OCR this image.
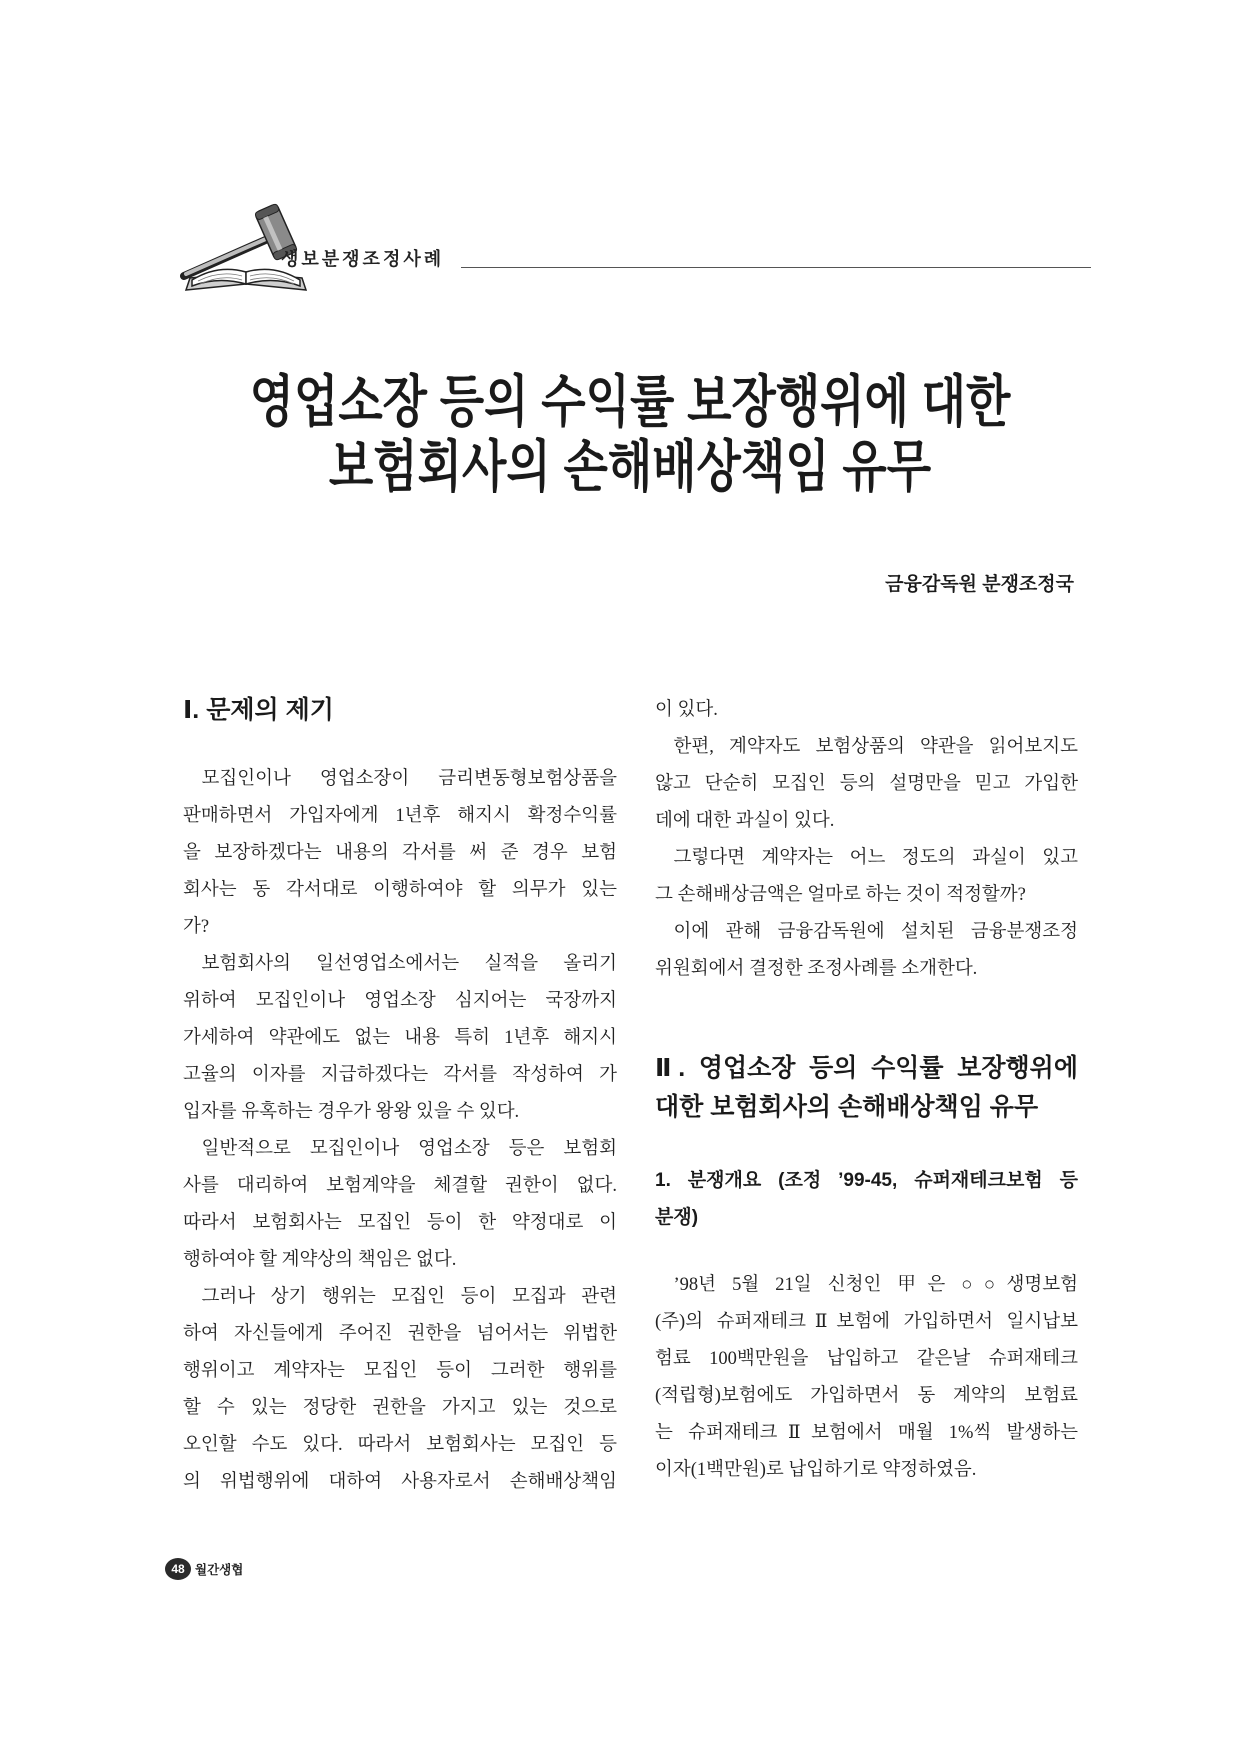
생보분쟁조정사례
영업소장 등의 수익률 보장행위에 대한
보험회사의 손해배상책임 유무
금융감독원 분쟁조정국
Ⅰ. 문제의 제기
모집인이나 영업소장이 금리변동형보험상품을
판매하면서 가입자에게 1년후 해지시 확정수익률
을 보장하겠다는 내용의 각서를 써 준 경우 보험
회사는 동 각서대로 이행하여야 할 의무가 있는
가?
보험회사의 일선영업소에서는 실적을 올리기
위하여 모집인이나 영업소장 심지어는 국장까지
가세하여 약관에도 없는 내용 특히 1년후 해지시
고율의 이자를 지급하겠다는 각서를 작성하여 가
입자를 유혹하는 경우가 왕왕 있을 수 있다.
일반적으로 모집인이나 영업소장 등은 보험회
사를 대리하여 보험계약을 체결할 권한이 없다.
따라서 보험회사는 모집인 등이 한 약정대로 이
행하여야 할 계약상의 책임은 없다.
그러나 상기 행위는 모집인 등이 모집과 관련
하여 자신들에게 주어진 권한을 넘어서는 위법한
행위이고 계약자는 모집인 등이 그러한 행위를
할 수 있는 정당한 권한을 가지고 있는 것으로
오인할 수도 있다. 따라서 보험회사는 모집인 등
의 위법행위에 대하여 사용자로서 손해배상책임
이 있다.
한편, 계약자도 보험상품의 약관을 읽어보지도
않고 단순히 모집인 등의 설명만을 믿고 가입한
데에 대한 과실이 있다.
그렇다면 계약자는 어느 정도의 과실이 있고
그 손해배상금액은 얼마로 하는 것이 적정할까?
이에 관해 금융감독원에 설치된 금융분쟁조정
위원회에서 결정한 조정사례를 소개한다.
Ⅱ. 영업소장 등의 수익률 보장행위에
대한 보험회사의 손해배상책임 유무
1. 분쟁개요 (조정 ’99-45, 슈퍼재테크보험 등
분쟁)
’98년 5월 21일 신청인 甲은 ○○생명보험
(주)의 슈퍼재테크Ⅱ보험에 가입하면서 일시납보
험료 100백만원을 납입하고 같은날 슈퍼재테크
(적립형)보험에도 가입하면서 동 계약의 보험료
는 슈퍼재테크Ⅱ보험에서 매월 1%씩 발생하는
이자(1백만원)로 납입하기로 약정하였음.
48 월간생협
